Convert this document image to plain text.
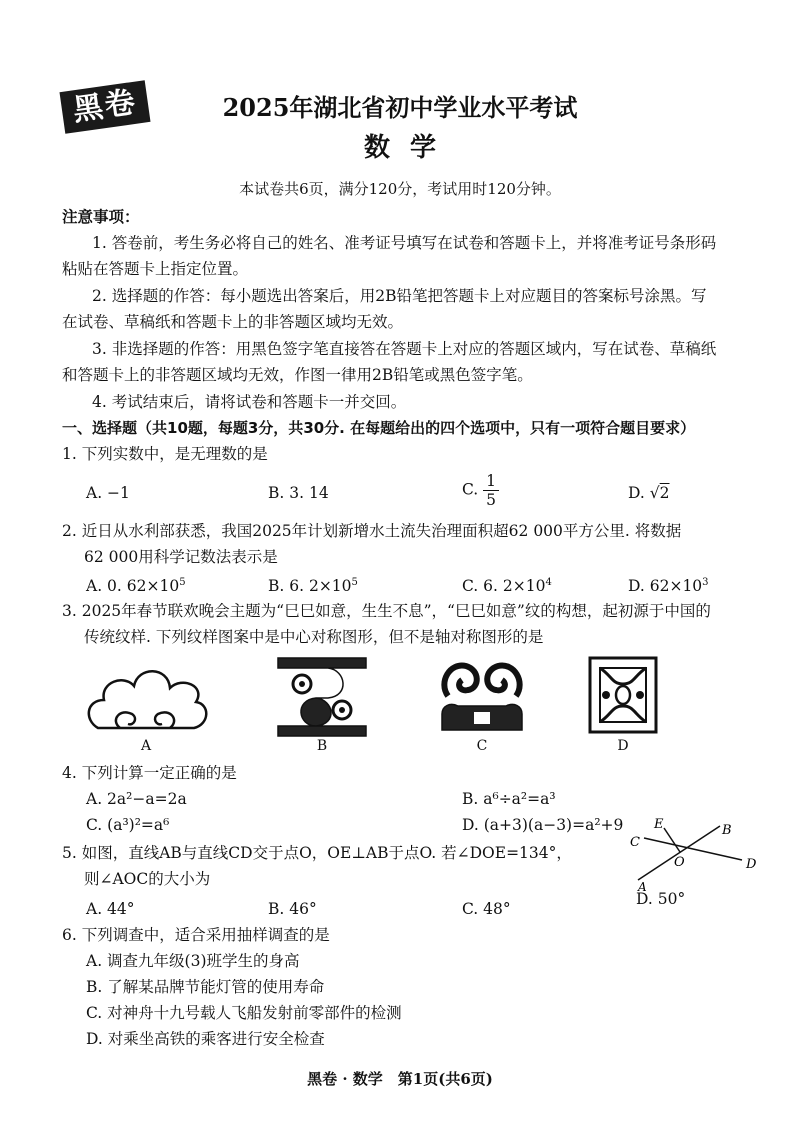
黑卷	2025年湖北省初中学业水平考试
数学
本试卷共6页，满分120分，考试用时120分钟。
注意事项：
1. 答卷前，考生务必将自己的姓名、准考证号填写在试卷和答题卡上，并将准考证号条形码
粘贴在答题卡上指定位置。
2. 选择题的作答：每小题选出答案后，用2B铅笔把答题卡上对应题目的答案标号涂黑。写
在试卷、草稿纸和答题卡上的非答题区域均无效。
3. 非选择题的作答：用黑色签字笔直接答在答题卡上对应的答题区域内，写在试卷、草稿纸
和答题卡上的非答题区域均无效，作图一律用2B铅笔或黑色签字笔。
4. 考试结束后，请将试卷和答题卡一并交回。
一、选择题（共10题，每题3分，共30分. 在每题给出的四个选项中，只有一项符合题目要求）
1. 下列实数中，是无理数的是
A. −1	B. 3. 14	C. $\frac{1}{5}$	D. √2
2. 近日从水利部获悉，我国2025年计划新增水土流失治理面积超62 000平方公里. 将数据
62 000用科学记数法表示是
A. 0. $62\times 10^5$	B. 6. $2\times 10^5$	C. 6. $2\times 10^4$	D. $62\times 10^3$
3. 2025年春节联欢晚会主题为“巳巳如意，生生不息”，“巳巳如意”纹的构想，起初源于中国的
传统纹样. 下列纹样图案中是中心对称图形，但不是轴对称图形的是
A	B	C	D
4. 下列计算一定正确的是
A. 2a²−a=2a	B. a⁶÷a²=a³
C. (a³)²=a⁶	D. (a+3)(a−3)=a²+9
5. 如图，直线AB与直线CD交于点O，OE⊥AB于点O. 若∠DOE=134°，
则∠AOC的大小为
A. 44°	B. 46°	C. 48°
D. 50°
E	B
C
O	D
A
6. 下列调查中，适合采用抽样调查的是
A. 调查九年级(3)班学生的身高
B. 了解某品牌节能灯管的使用寿命
C. 对神舟十九号载人飞船发射前零部件的检测
D. 对乘坐高铁的乘客进行安全检查
黑卷 · 数学　第1页(共6页)
